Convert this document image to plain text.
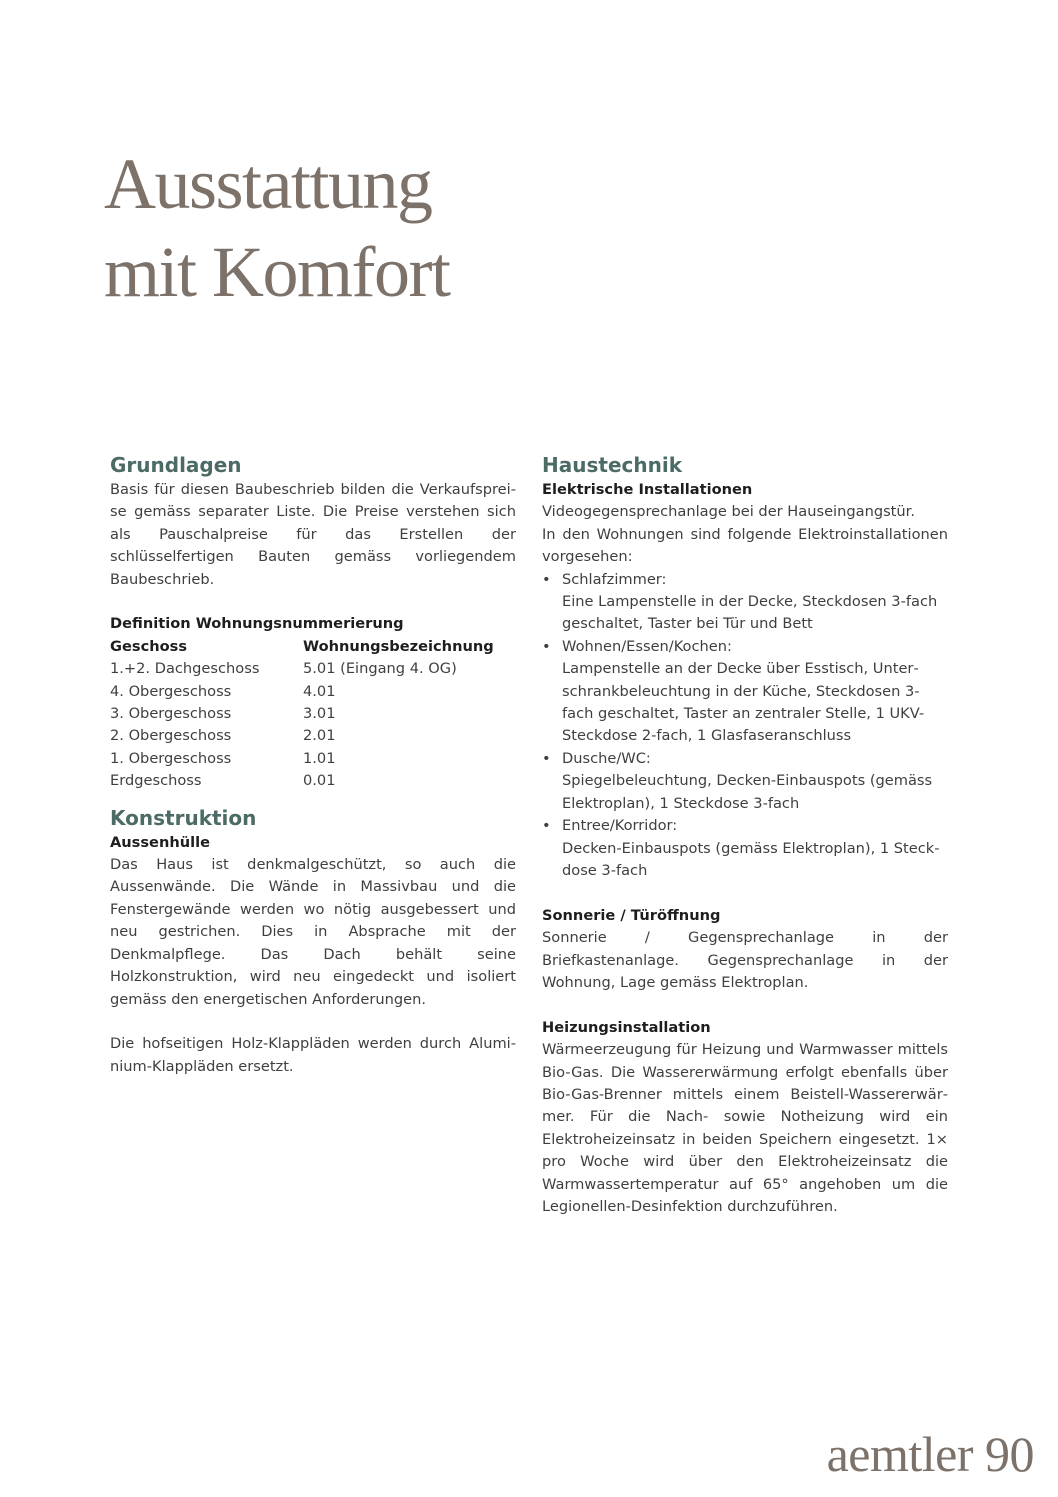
Ausstattung
mit Komfort
Grundlagen

Basis für diesen Baubeschrieb bilden die Verkaufspreise gemäss separater Liste. Die Preise verstehen sich als Pauschalpreise für das Erstellen der schlüsselfertigen Bauten gemäss vorliegendem Baubeschrieb.

Definition Wohnungsnummerierung
Geschoss	Wohnungsbezeichnung
1.+2. Dachgeschoss	5.01 (Eingang 4. OG)
4. Obergeschoss	4.01
3. Obergeschoss	3.01
2. Obergeschoss	2.01
1. Obergeschoss	1.01
Erdgeschoss	0.01
Konstruktion
Aussenhülle

Das Haus ist denkmalgeschützt, so auch die Aussenwände. Die Wände in Massivbau und die Fenstergewände werden wo nötig ausgebessert und neu gestrichen. Dies in Absprache mit der Denkmalpflege. Das Dach behält seine Holzkonstruktion, wird neu eingedeckt und isoliert gemäss den energetischen Anforderungen.

Die hofseitigen Holz-Klappläden werden durch Aluminium-Klappläden ersetzt.

Haustechnik
Elektrische Installationen

Videogegensprechanlage bei der Hauseingangstür.

In den Wohnungen sind folgende Elektroinstallationen vorgesehen:

• Schlafzimmer:

Eine Lampenstelle in der Decke, Steckdosen 3-fach geschaltet, Taster bei Tür und Bett

• Wohnen/Essen/Kochen:

Lampenstelle an der Decke über Esstisch, Unterschrankbeleuchtung in der Küche, Steckdosen 3-fach geschaltet, Taster an zentraler Stelle, 1 UKV-Steckdose 2-fach, 1 Glasfaseranschluss

• Dusche/WC:

Spiegelbeleuchtung, Decken-Einbauspots (gemäss Elektroplan), 1 Steckdose 3-fach

• Entree/Korridor:

Decken-Einbauspots (gemäss Elektroplan), 1 Steckdose 3-fach

Sonnerie / Türöffnung

Sonnerie / Gegensprechanlage in der Briefkastenanlage. Gegensprechanlage in der Wohnung, Lage gemäss Elektroplan.

Heizungsinstallation

Wärmeerzeugung für Heizung und Warmwasser mittels Bio-Gas. Die Wassererwärmung erfolgt ebenfalls über Bio-Gas-Brenner mittels einem Beistell-Wassererwärmer. Für die Nach- sowie Notheizung wird ein Elektroheizeinsatz in beiden Speichern eingesetzt. 1× pro Woche wird über den Elektroheizeinsatz die Warmwassertemperatur auf 65° angehoben um die Legionellen-Desinfektion durchzuführen.

aemtler 90
